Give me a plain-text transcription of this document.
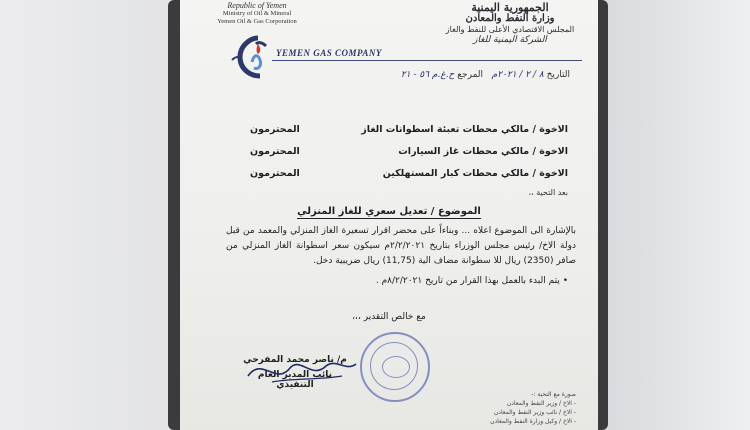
Republic of Yemen
Ministry of Oil & Mineral
Yemen Oil & Gas Corporation
الجمهورية اليمنية
وزارة النفط والمعادن
المجلس الاقتصادي الأعلى للنفط والغاز
الشركة اليمنية للغاز
YEMEN GAS COMPANY
التاريخ ٨ / ٢ / ٢٠٢١م   المرجع ح.غ.م ٥٦ - ٢١
الاخوة / مالكي محطات تعبئة اسطوانات الغاز
المحترمون
الاخوة / مالكي محطات غاز السيارات
المحترمون
الاخوة / مالكي محطات كبار المستهلكين
المحترمون
بعد التحية ،،
الموضوع / تعديل سعري للغاز المنزلي
بالإشارة الى الموضوع اعلاه ... وبناءاً على محضر اقرار تسعيرة الغاز المنزلي والمعمد من قبل دولة الاخ/ رئيس مجلس الوزراء بتاريخ ٢/٢/٢٠٢١م سيكون سعر اسطوانة الغاز المنزلي من صافر (2350) ريال للا سطوانة مضاف الية (11,75) ريال ضريبية دخل.
• يتم البدء بالعمل بهذا القرار من تاريخ ٨/٢/٢٠٢١م .
مع خالص التقدير ،،،
م/ ناصر محمد المفرحي
نائب المدير العام التنفيذي
صورة مع التحية :-
- الاخ / وزير النفط والمعادن
- الاخ / نائب وزير النفط والمعادن
- الاخ / وكيل وزارة النفط والمعادن
